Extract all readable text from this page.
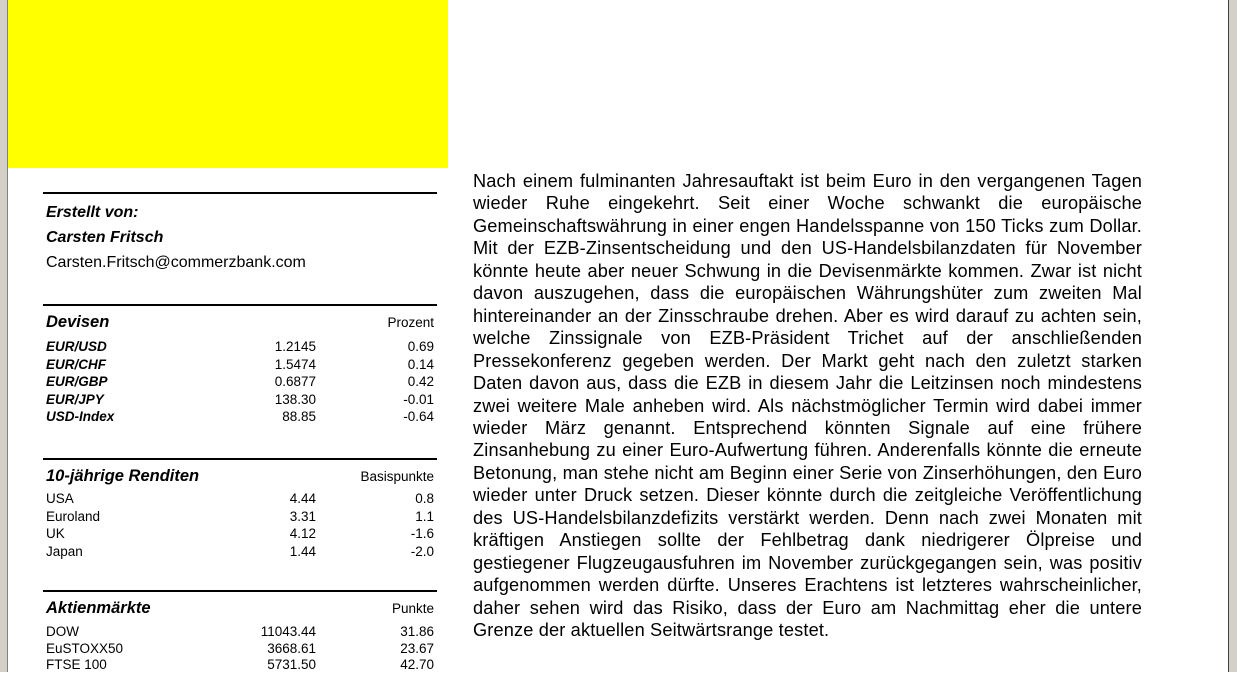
Erstellt von:
Carsten Fritsch
Carsten.Fritsch@commerzbank.com
Devisen	Prozent
EUR/USD	1.2145	0.69
EUR/CHF	1.5474	0.14
EUR/GBP	0.6877	0.42
EUR/JPY	138.30	-0.01
USD-Index	88.85	-0.64
10-jährige Renditen	Basispunkte
USA	4.44	0.8
Euroland	3.31	1.1
UK	4.12	-1.6
Japan	1.44	-2.0
Aktienmärkte	Punkte
DOW	11043.44	31.86
EuSTOXX50	3668.61	23.67
FTSE 100	5731.50	42.70
Nach einem fulminanten Jahresauftakt ist beim Euro in den vergangenen Tagen wieder Ruhe eingekehrt. Seit einer Woche schwankt die europäische Gemeinschaftswährung in einer engen Handelsspanne von 150 Ticks zum Dollar. Mit der EZB-Zinsentscheidung und den US-Handelsbilanzdaten für November könnte heute aber neuer Schwung in die Devisenmärkte kommen. Zwar ist nicht davon auszugehen, dass die europäischen Währungshüter zum zweiten Mal hintereinander an der Zinsschraube drehen. Aber es wird darauf zu achten sein, welche Zinssignale von EZB-Präsident Trichet auf der anschließenden Pressekonferenz gegeben werden. Der Markt geht nach den zuletzt starken Daten davon aus, dass die EZB in diesem Jahr die Leitzinsen noch mindestens zwei weitere Male anheben wird. Als nächstmöglicher Termin wird dabei immer wieder März genannt. Entsprechend könnten Signale auf eine frühere Zinsanhebung zu einer Euro-Aufwertung führen. Anderenfalls könnte die erneute Betonung, man stehe nicht am Beginn einer Serie von Zinserhöhungen, den Euro wieder unter Druck setzen. Dieser könnte durch die zeitgleiche Veröffentlichung des US-Handelsbilanzdefizits verstärkt werden. Denn nach zwei Monaten mit kräftigen Anstiegen sollte der Fehlbetrag dank niedrigerer Ölpreise und gestiegener Flugzeugausfuhren im November zurückgegangen sein, was positiv aufgenommen werden dürfte. Unseres Erachtens ist letzteres wahrscheinlicher, daher sehen wird das Risiko, dass der Euro am Nachmittag eher die untere Grenze der aktuellen Seitwärtsrange testet.
